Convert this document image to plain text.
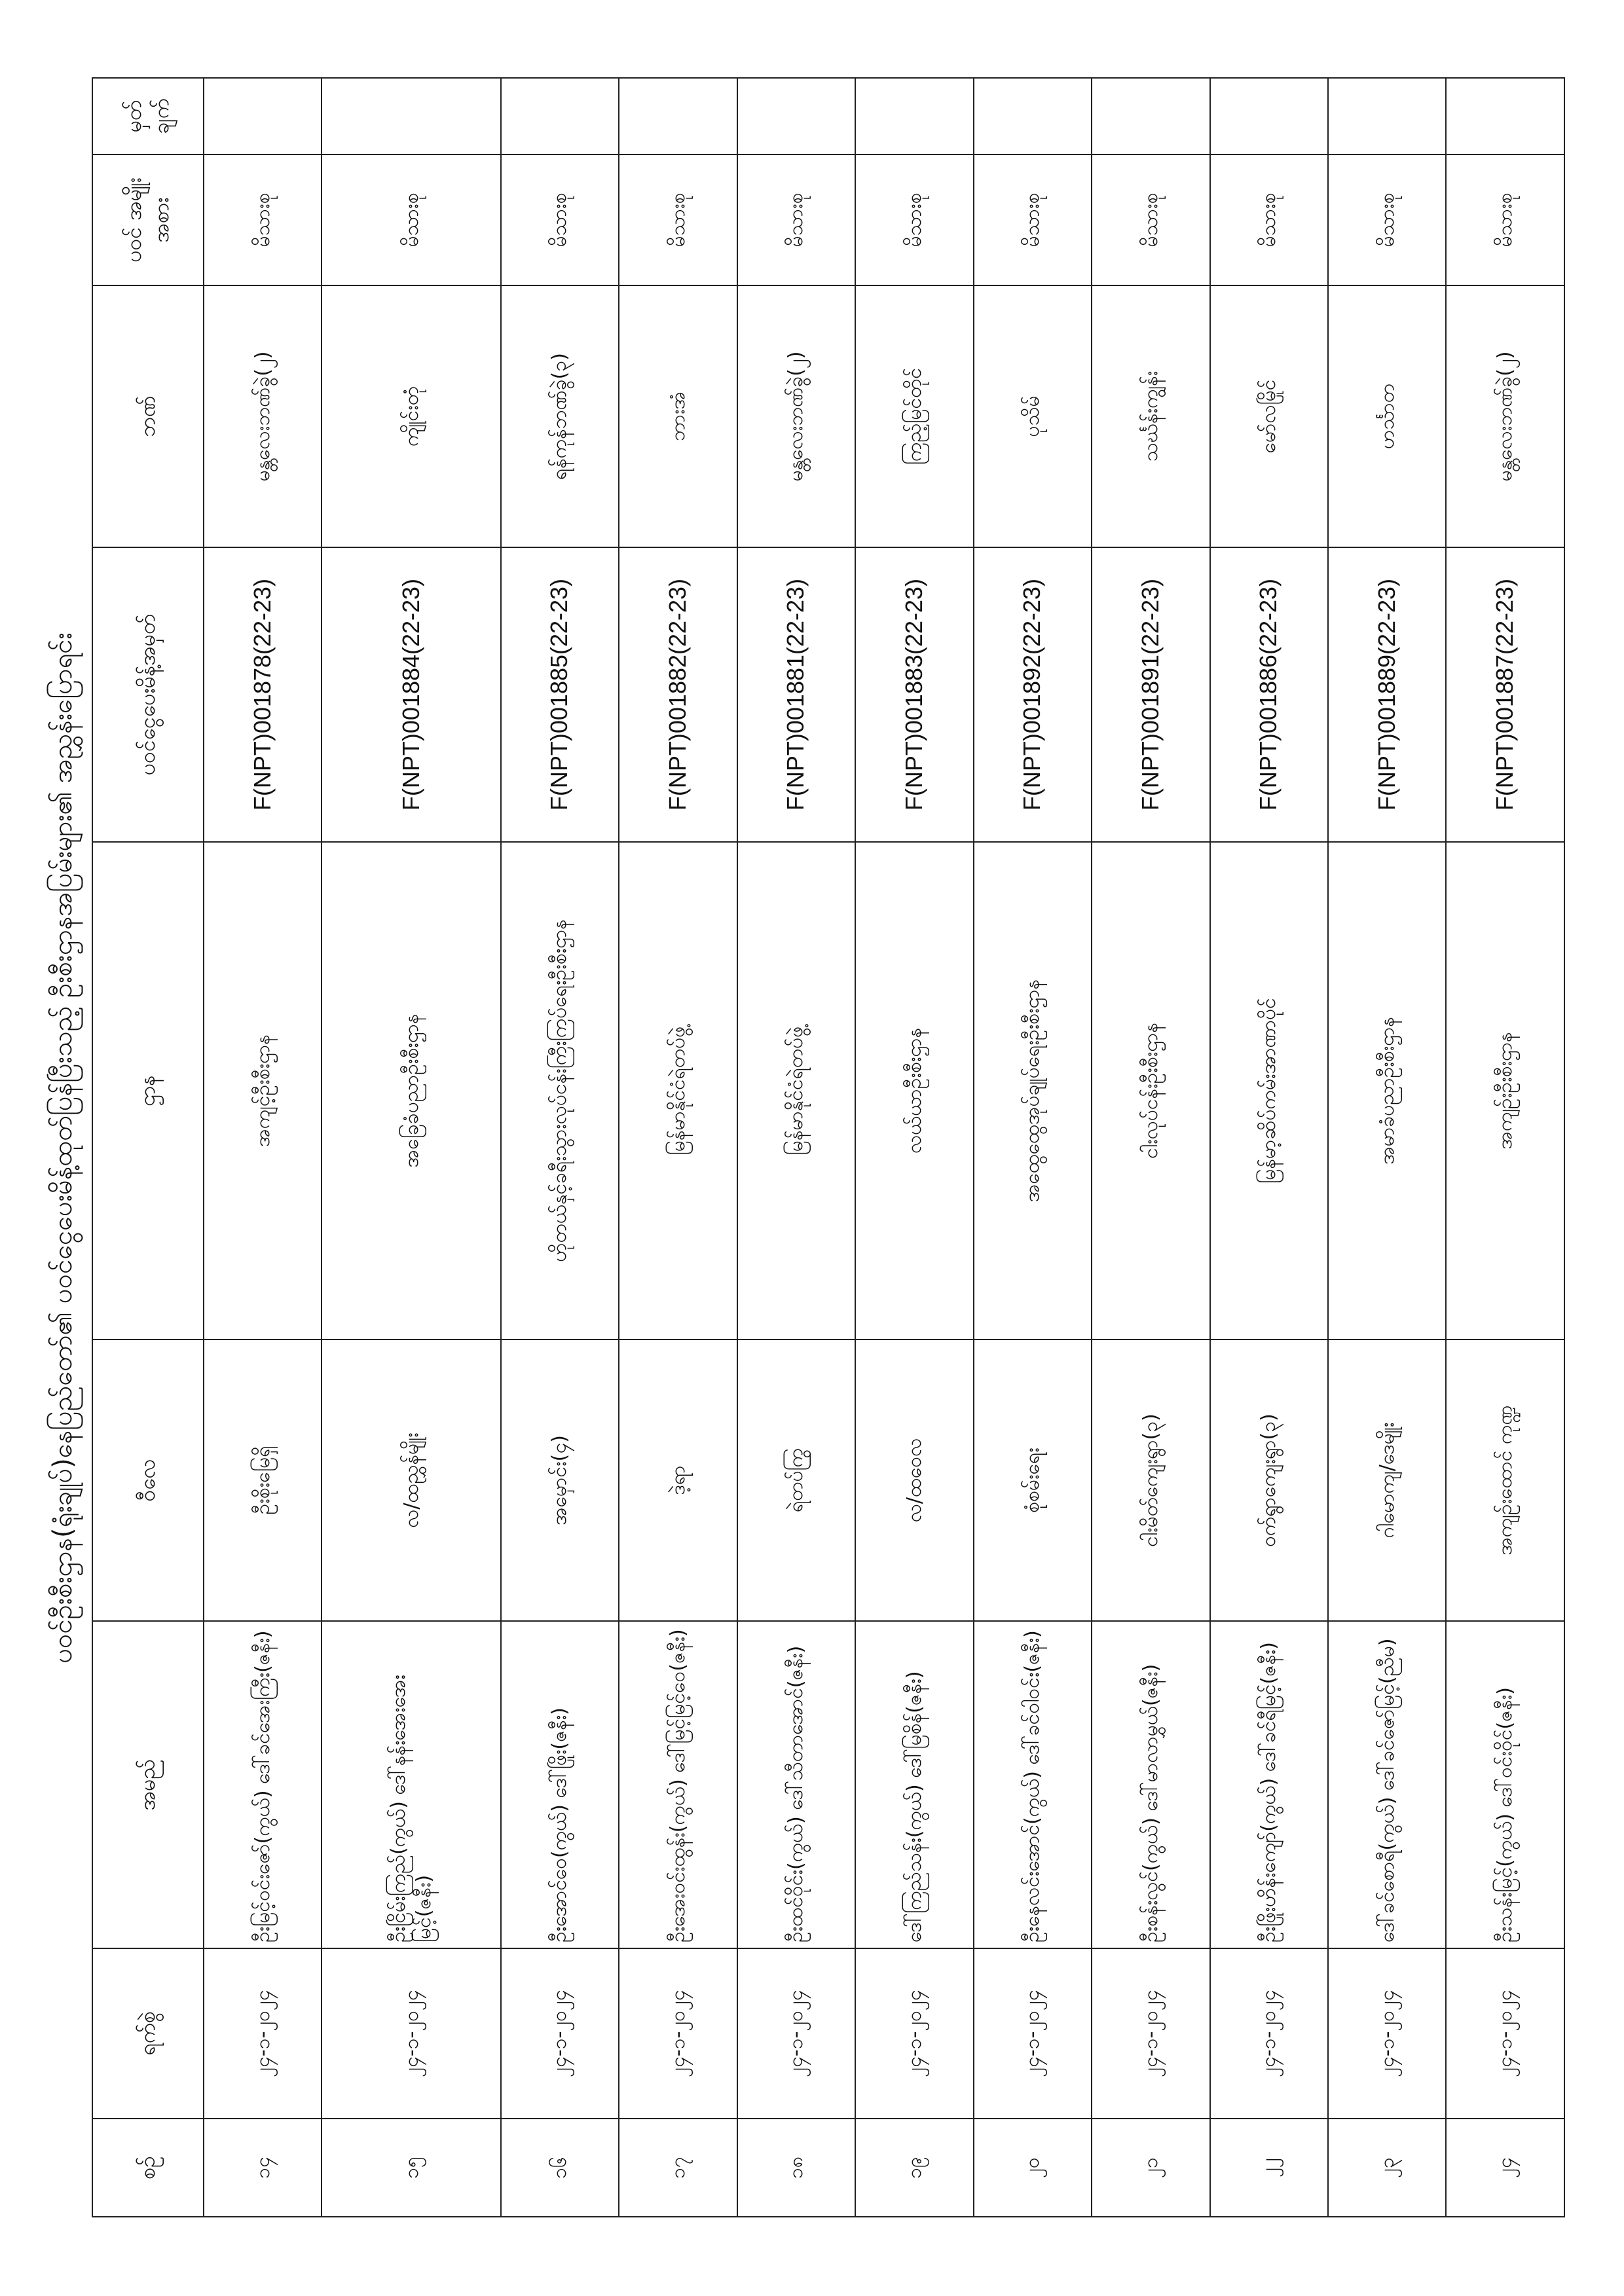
ပဝင်ဦးစီးဌာန(ရုံးချုပ်)နေပြည်တော်၏ ပဝင်ငွေပေးမိန့်ထုတ်ပြန်ပြီးသည့် ဦးစီးဌာနအပြမ်းများ၏ အညွှန်းပြောရင်း
စဉ်	ရက်စွဲ	အမည်	ဝီလေ	ဌာန	ပဝင်ငွေပေးမိန့်အမှတ်	ဘဏ်	ပဝင် အမျိုးအစား	မှတ် ချက်
၁၄	၂၄-၁-၂၀၂၄	ဦးမြင့်ဝင်းဇော်(ကွယ်) ဒေါ်ခင်အေးကြီး(ဇနီး)	ဦးစိုးမြေရှိ	အကျင့်ဦးစီးဌာန	F(NPT)001878(22-23)	မန္တလေးဘဏ်ခွဲ(၂)	မိသားစု	
၁၅	၂၄-၁-၂၀၂၄	ဦးငြိမ်းကြည်(ကွယ်) ဒေါ်နန်းအေးအေးမြင့်(ဇနီး)	လ/ထညွှန်မျိုး	အခြေခံပညာဦးစီးဌာန	F(NPT)001884(22-23)	ကျိုင်းတုံ	မိသားစု	
၁၆	၂၄-၁-၂၀၂၄	ဦးအောင်ဝေ(ကွယ်) ဒေါ်ဖြိုး(ဇနီး)	အမှောင်း(၄)	ဟိုတယ်နှင့်ခရီးသွားလုပ်ငန်းကြီးကြပ်ရေးဦးစီးဌာန	F(NPT)001885(22-23)	ရန်ကုန်ဘဏ်ခွဲ(၃)	မိသားစု	
၁၇	၂၄-၁-၂၀၂၄	ဦးအေးဝင်းထွန်း(ကွယ်) ဒေါ်မြင့်မြင့်ဝေ(ဇနီး)	ဒဲ့ရာ	မြန်မာနိုင်ငံရဲတပ်ဖွဲ့	F(NPT)001882(22-23)	ဘားအံ	မိသားစု	
၁၈	၂၄-၁-၂၀၂၄	ဦးထင်ဝိုင်း(ကွယ်) ဒေါ်သီတာအောင်(ဇနီး)	ရဲတပ်ကြွ	မြန်မာနိုင်ငံရဲတပ်ဖွဲ့	F(NPT)001881(22-23)	မန္တလေးဘဏ်ခွဲ(၂)	မိသားစု	
၁၉	၂၄-၁-၂၀၂၄	ဒေါ်ကြည်သန်း(ကွယ်) ဒေါ်မြစိန်(ဇနီး)	လ/ထဝေလ	လယ်ယာဦးစီးဌာန	F(NPT)001883(22-23)	ကြည့်မြင်တိုင်	မိသားစု	
၂၀	၂၄-၁-၂၀၂၄	ဦးနေလင်းအောင်(ကွယ်) ဒေါ်ခင်ဝါဝင်း(ဇနီး)	စုံစမ်းရေး	အထွေထွေအုပ်ချုပ်ရေးဦးစီးဌာန	F(NPT)001892(22-23)	ပုသိမ်	မိသားစု	
၂၁	၂၄-၁-၂၀၂၄	ဦးစန်းလွင်(ကွယ်) ဒေါ်မာလာမွှယ်(ဇနီး)	ငါးမိတ်ကျေးရွာ(၃)	ငါးလုပ်ငန်းဦးစီးဌာန	F(NPT)001891(22-23)	သင်္ဃန်းကျွန်း	မိသားစု	
၂၂	၂၄-၁-၂၀၂၄	ဦးဖြိုးဟိန်းကျော်(ကွယ်) ဒေါ်ခင်ရီမြင့်(ဇနီး)	ဝက်ရွာကျေးရွာ(၃)	မြန်မာ့ဆိပ်ကမ်းအာဏာပိုင်	F(NPT)001886(22-23)	မော်လမြိုင်	မိသားစု	
၂၃	၂၄-၁-၂၀၂၄	ဒေါ်ခင်စောရီ(ကွယ်) ဒေါ်ခင်ဇော်မြင့်(ညီမ)	ဂါမောကျ/ဒေမျိုး	အမာခံပညာဦးစီးဌာန	F(NPT)001889(22-23)	ဟင်္သာတ	မိသားစု	
၂၄	၂၄-၁-၂၀၂၄	ဦးသန်းမြင့်(ကွယ်) ဒေါ်ဝင်းဝိုင်(ဇနီး)	အကျဉ်းထောင် ကုဏ္ဍ	အကျဉ်းဦးစီးဌာန	F(NPT)001887(22-23)	မန္တလေးဘဏ်ခွဲ(၂)	မိသားစု	
